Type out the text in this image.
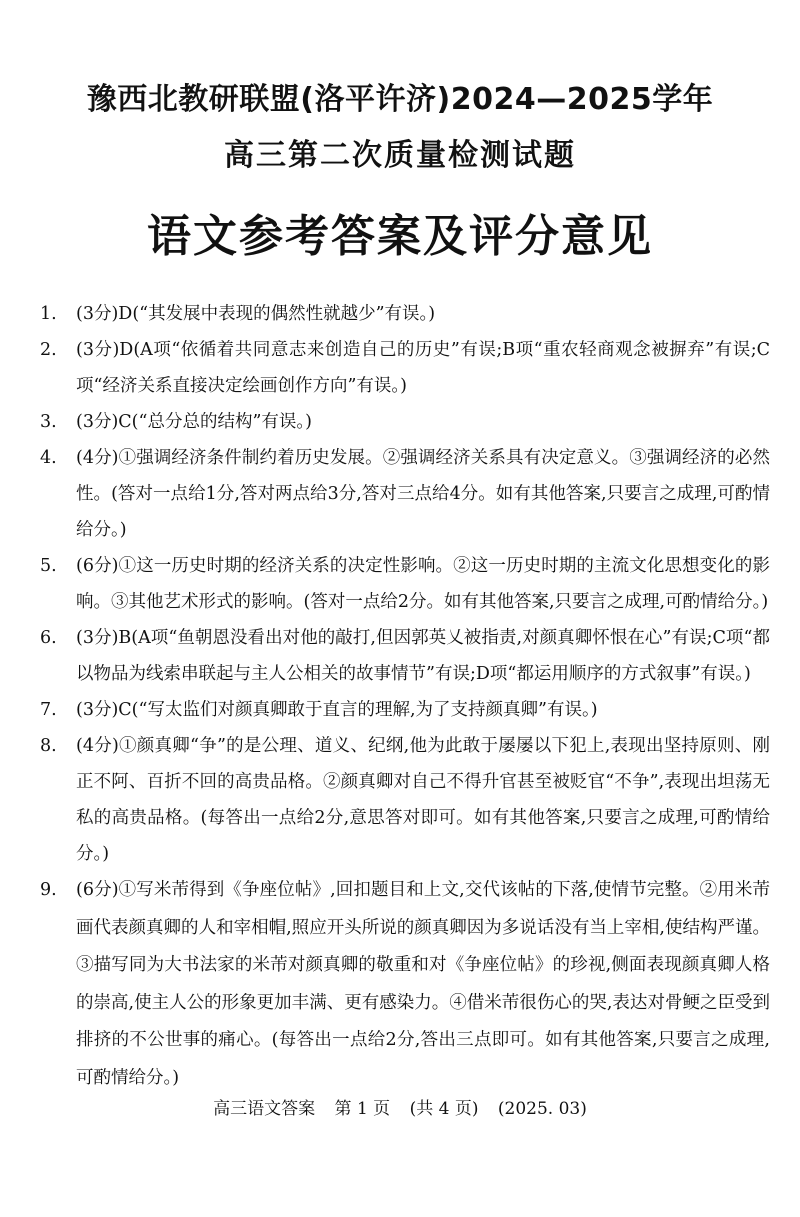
豫西北教研联盟(洛平许济)2024—2025学年
高三第二次质量检测试题
语文参考答案及评分意见
1.	(3分)D(“其发展中表现的偶然性就越少”有误。)
2.	(3分)D(A项“依循着共同意志来创造自己的历史”有误;B项“重农轻商观念被摒弃”有误;C项“经济关系直接决定绘画创作方向”有误。)
3.	(3分)C(“总分总的结构”有误。)
4.	(4分)①强调经济条件制约着历史发展。②强调经济关系具有决定意义。③强调经济的必然性。(答对一点给1分,答对两点给3分,答对三点给4分。如有其他答案,只要言之成理,可酌情给分。)
5.	(6分)①这一历史时期的经济关系的决定性影响。②这一历史时期的主流文化思想变化的影响。③其他艺术形式的影响。(答对一点给2分。如有其他答案,只要言之成理,可酌情给分。)
6.	(3分)B(A项“鱼朝恩没看出对他的敲打,但因郭英乂被指责,对颜真卿怀恨在心”有误;C项“都以物品为线索串联起与主人公相关的故事情节”有误;D项“都运用顺序的方式叙事”有误。)
7.	(3分)C(“写太监们对颜真卿敢于直言的理解,为了支持颜真卿”有误。)
8.	(4分)①颜真卿“争”的是公理、道义、纪纲,他为此敢于屡屡以下犯上,表现出坚持原则、刚正不阿、百折不回的高贵品格。②颜真卿对自己不得升官甚至被贬官“不争”,表现出坦荡无私的高贵品格。(每答出一点给2分,意思答对即可。如有其他答案,只要言之成理,可酌情给分。)
9.	(6分)①写米芾得到《争座位帖》,回扣题目和上文,交代该帖的下落,使情节完整。②用米芾画代表颜真卿的人和宰相帽,照应开头所说的颜真卿因为多说话没有当上宰相,使结构严谨。③描写同为大书法家的米芾对颜真卿的敬重和对《争座位帖》的珍视,侧面表现颜真卿人格的崇高,使主人公的形象更加丰满、更有感染力。④借米芾很伤心的哭,表达对骨鲠之臣受到排挤的不公世事的痛心。(每答出一点给2分,答出三点即可。如有其他答案,只要言之成理,可酌情给分。)
高三语文答案 第 1 页 (共 4 页) (2025. 03)
